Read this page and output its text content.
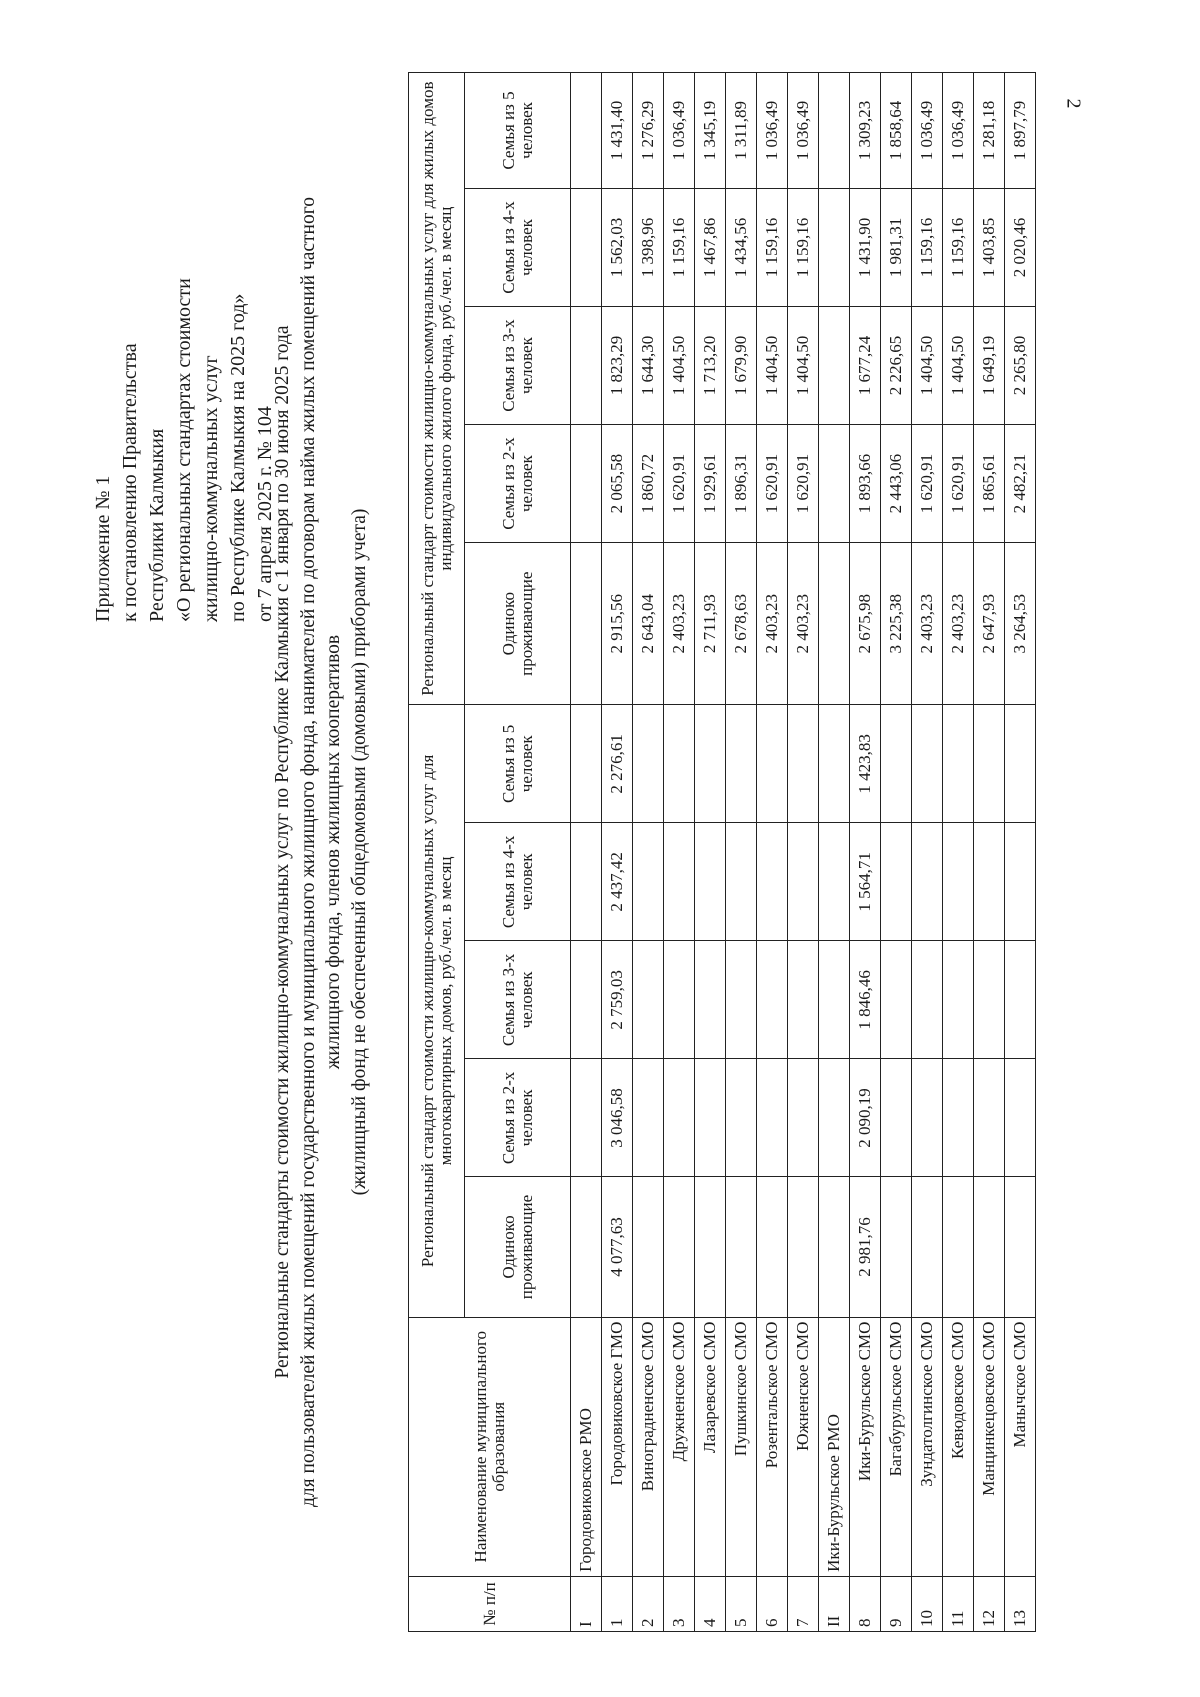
2
Приложение № 1 к постановлению Правительства Республики Калмыкия «О региональных стандартах стоимости жилищно-коммунальных услуг по Республике Калмыкия на 2025 год» от 7 апреля 2025 г. № 104
Региональные стандарты стоимости жилищно-коммунальных услуг по Республике Калмыкия с 1 января по 30 июня 2025 года для пользователей жилых помещений государственного и муниципального жилищного фонда, нанимателей по договорам найма жилых помещений частного жилищного фонда, членов жилищных кооперативов (жилищный фонд не обеспеченный общедомовыми (домовыми) приборами учета)
№ п/п	Наименование муниципального образования	Региональный стандарт стоимости жилищно-коммунальных услуг для многоквартирных домов, руб./чел. в месяц					Региональный стандарт стоимости жилищно-коммунальных услуг для жилых домов индивидуального жилого фонда, руб./чел. в месяц				
		Одиноко проживающие	Семья из 2-х человек	Семья из 3-х человек	Семья из 4-х человек	Семья из 5 человек	Одиноко проживающие	Семья из 2-х человек	Семья из 3-х человек	Семья из 4-х человек	Семья из 5 человек
I	Городовиковское РМО										
1	Городовиковское ГМО	4 077,63	3 046,58	2 759,03	2 437,42	2 276,61	2 915,56	2 065,58	1 823,29	1 562,03	1 431,40
2	Виноградненское СМО						2 643,04	1 860,72	1 644,30	1 398,96	1 276,29
3	Дружненское СМО						2 403,23	1 620,91	1 404,50	1 159,16	1 036,49
4	Лазаревское СМО						2 711,93	1 929,61	1 713,20	1 467,86	1 345,19
5	Пушкинское СМО						2 678,63	1 896,31	1 679,90	1 434,56	1 311,89
6	Розентальское СМО						2 403,23	1 620,91	1 404,50	1 159,16	1 036,49
7	Южненское СМО						2 403,23	1 620,91	1 404,50	1 159,16	1 036,49
II	Ики-Бурульское РМО										
8	Ики-Бурульское СМО	2 981,76	2 090,19	1 846,46	1 564,71	1 423,83	2 675,98	1 893,66	1 677,24	1 431,90	1 309,23
9	Багабурульское СМО						3 225,38	2 443,06	2 226,65	1 981,31	1 858,64
10	Зундатолгинское СМО						2 403,23	1 620,91	1 404,50	1 159,16	1 036,49
11	Кевюдовское СМО						2 403,23	1 620,91	1 404,50	1 159,16	1 036,49
12	Манцинкецовское СМО						2 647,93	1 865,61	1 649,19	1 403,85	1 281,18
13	Манычское СМО						3 264,53	2 482,21	2 265,80	2 020,46	1 897,79
